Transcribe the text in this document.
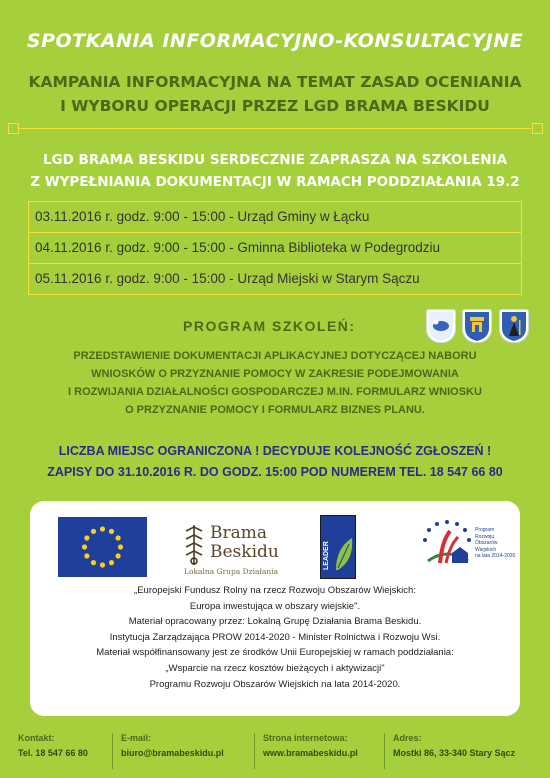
SPOTKANIA INFORMACYJNO-KONSULTACYJNE
KAMPANIA INFORMACYJNA NA TEMAT ZASAD OCENIANIA
I WYBORU OPERACJI PRZEZ LGD BRAMA BESKIDU
LGD BRAMA BESKIDU SERDECZNIE ZAPRASZA NA SZKOLENIA
Z WYPEŁNIANIA DOKUMENTACJI W RAMACH PODDZIAŁANIA 19.2
03.11.2016 r. godz. 9:00 - 15:00 - Urząd Gminy w Łącku
04.11.2016 r. godz. 9:00 - 15:00 - Gminna Biblioteka w Podegrodziu
05.11.2016 r. godz. 9:00 - 15:00 - Urząd Miejski w Starym Sączu
PROGRAM SZKOLEŃ:
PRZEDSTAWIENIE DOKUMENTACJI APLIKACYJNEJ DOTYCZĄCEJ NABORU
WNIOSKÓW O PRZYZNANIE POMOCY W ZAKRESIE PODEJMOWANIA
I ROZWIJANIA DZIAŁALNOŚCI GOSPODARCZEJ M.IN. FORMULARZ WNIOSKU
O PRZYZNANIE POMOCY I FORMULARZ BIZNES PLANU.
LICZBA MIEJSC OGRANICZONA ! DECYDUJE KOLEJNOŚĆ ZGŁOSZEŃ !
ZAPISY DO 31.10.2016 R. DO GODZ. 15:00 POD NUMEREM TEL. 18 547 66 80
Brama
Beskidu
Lokalna Grupa Działania
LEADER
Program
Rozwoju
Obszarów
Wiejskich
na lata 2014-2020
„Europejski Fundusz Rolny na rzecz Rozwoju Obszarów Wiejskich:
Europa inwestująca w obszary wiejskie".
Materiał opracowany przez: Lokalną Grupę Działania Brama Beskidu.
Instytucja Zarządzająca PROW 2014-2020 - Minister Rolnictwa i Rozwoju Wsi.
Materiał współfinansowany jest ze środków Unii Europejskiej w ramach poddziałania:
„Wsparcie na rzecz kosztów bieżących i aktywizacji"
Programu Rozwoju Obszarów Wiejskich na lata 2014-2020.
Kontakt:
Tel. 18 547 66 80
E-mail:
biuro@bramabeskidu.pl
Strona internetowa:
www.bramabeskidu.pl
Adres:
Mostki 86, 33-340 Stary Sącz
